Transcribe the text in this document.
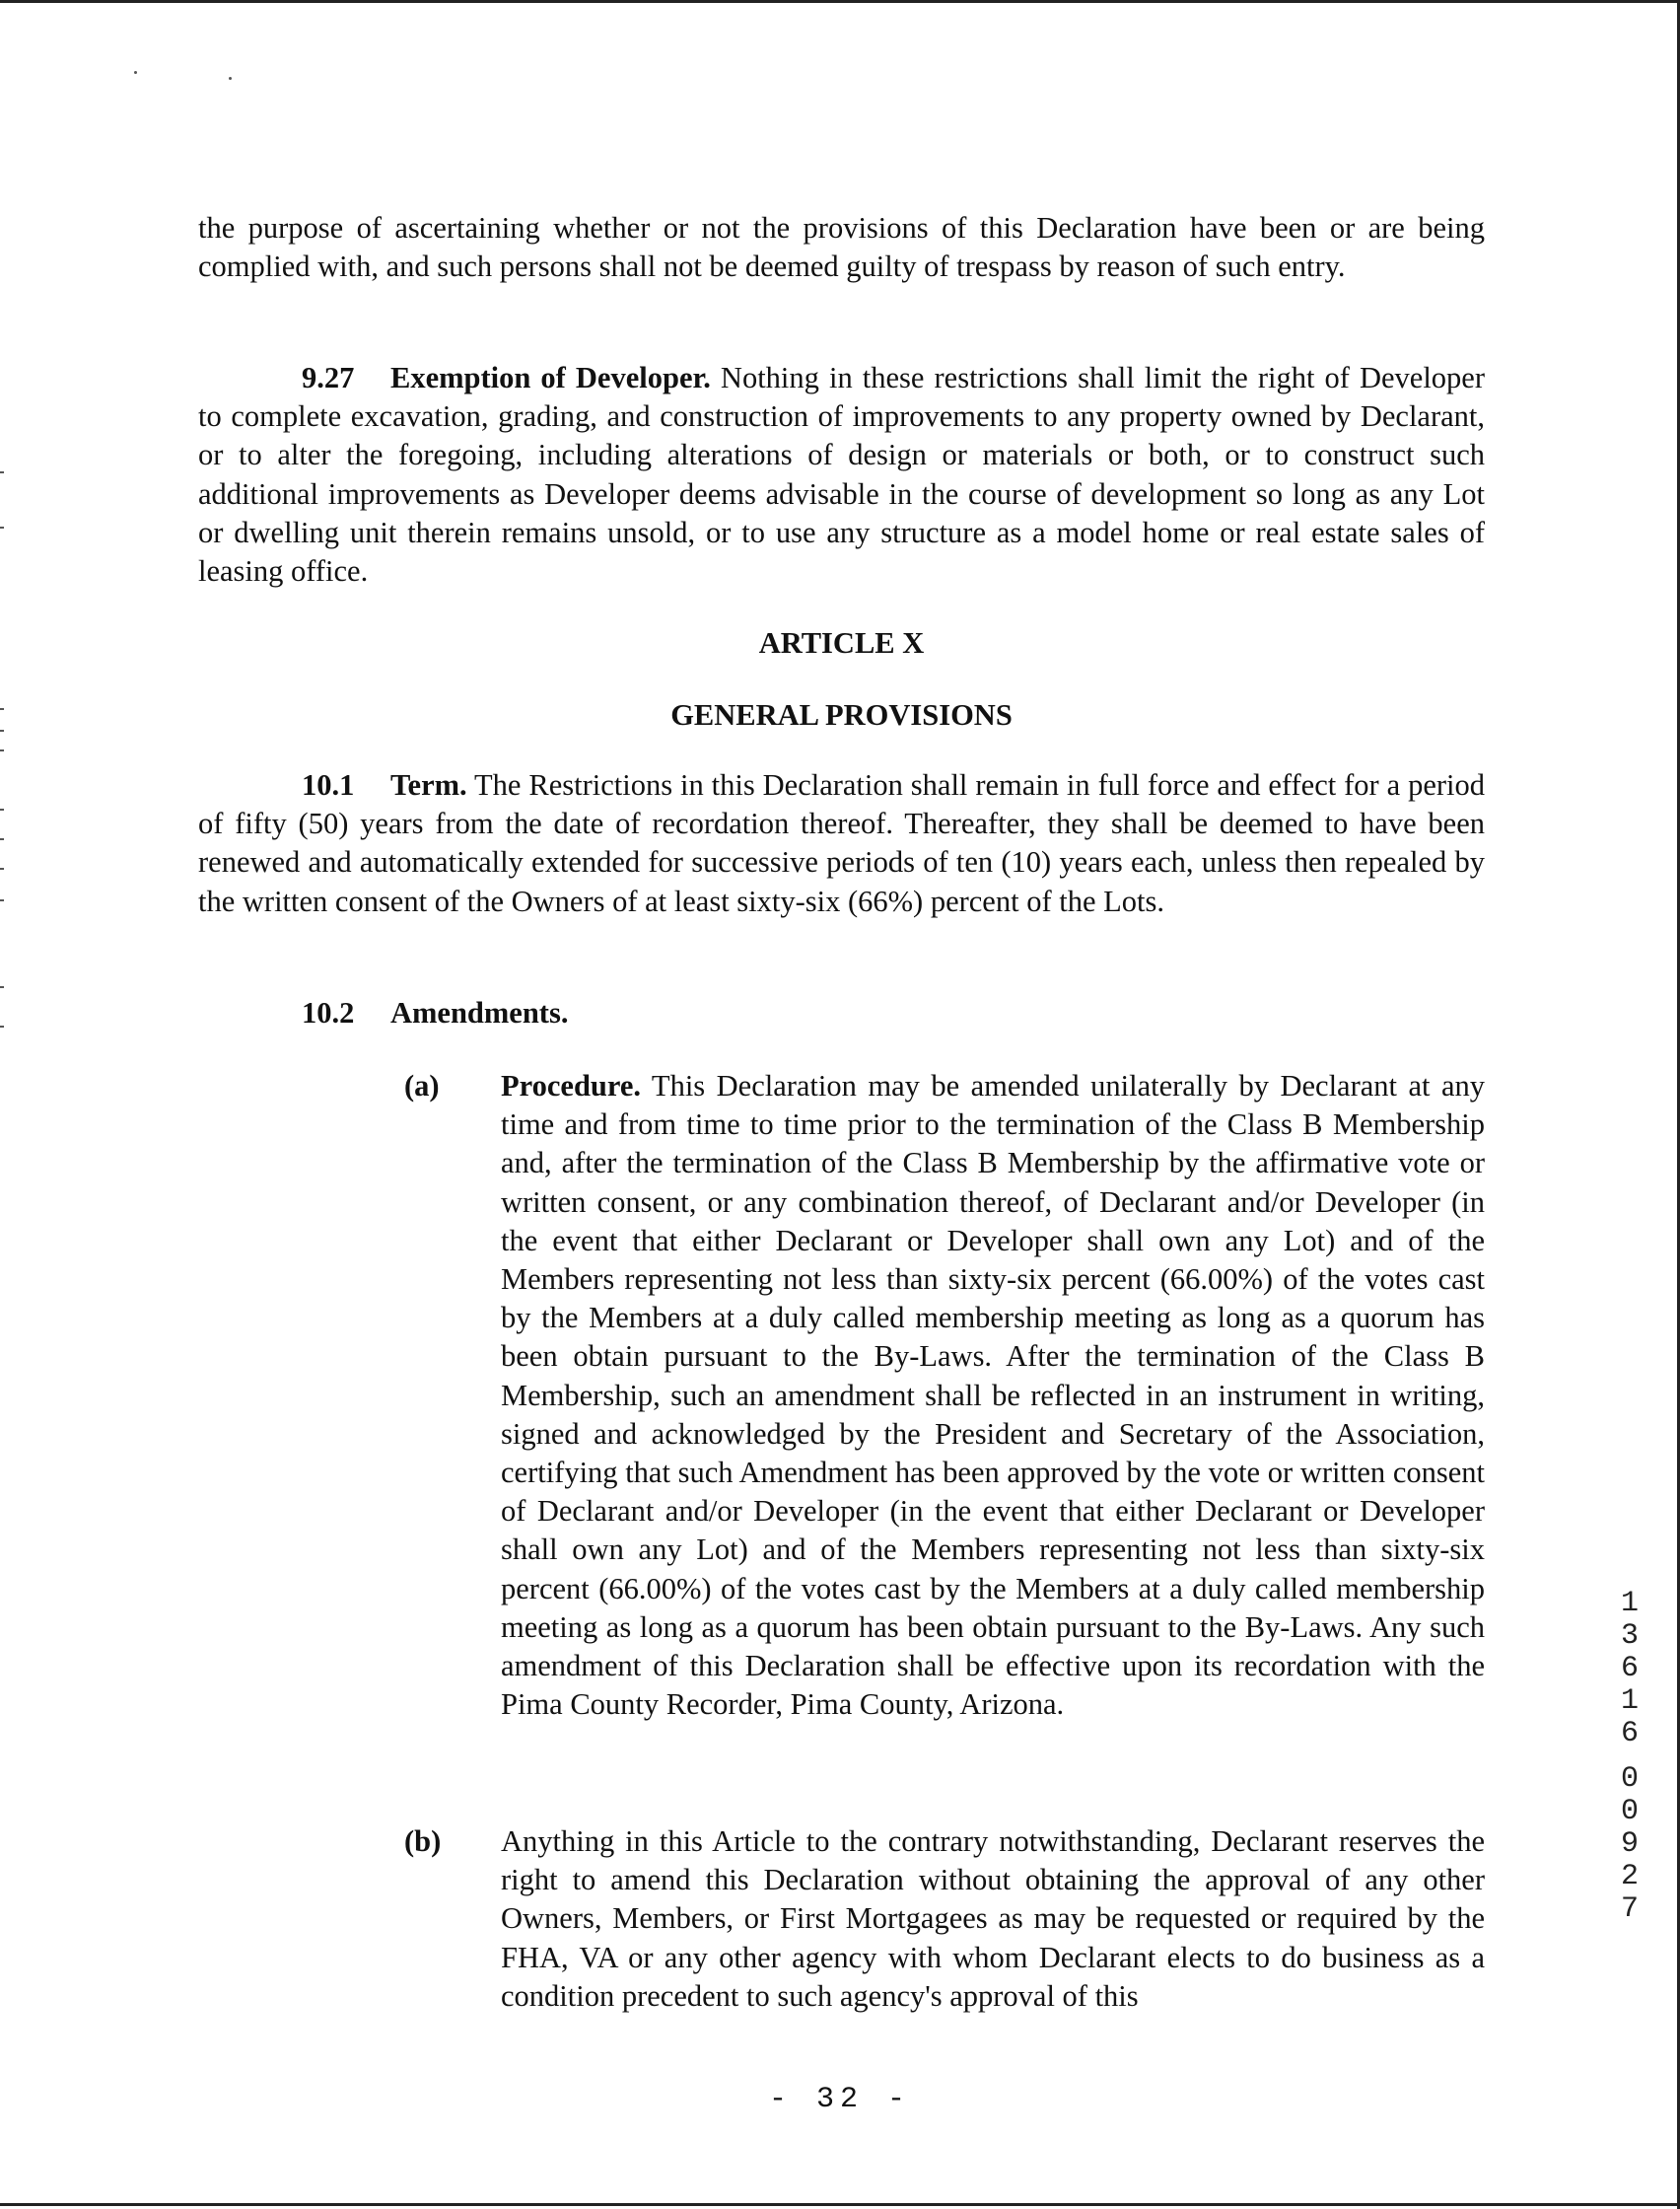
the purpose of ascertaining whether or not the provisions of this Declaration have been or are being complied with, and such persons shall not be deemed guilty of trespass by reason of such entry.

9.27 Exemption of Developer. Nothing in these restrictions shall limit the right of Developer to complete excavation, grading, and construction of improvements to any property owned by Declarant, or to alter the foregoing, including alterations of design or materials or both, or to construct such additional improvements as Developer deems advisable in the course of development so long as any Lot or dwelling unit therein remains unsold, or to use any structure as a model home or real estate sales of leasing office.

ARTICLE X
GENERAL PROVISIONS

10.1 Term. The Restrictions in this Declaration shall remain in full force and effect for a period of fifty (50) years from the date of recordation thereof. Thereafter, they shall be deemed to have been renewed and automatically extended for successive periods of ten (10) years each, unless then repealed by the written consent of the Owners of at least sixty-six (66%) percent of the Lots.

10.2 Amendments.

(a) Procedure. This Declaration may be amended unilaterally by Declarant at any time and from time to time prior to the termination of the Class B Membership and, after the termination of the Class B Membership by the affirmative vote or written consent, or any combination thereof, of Declarant and/or Developer (in the event that either Declarant or Developer shall own any Lot) and of the Members representing not less than sixty-six percent (66.00%) of the votes cast by the Members at a duly called membership meeting as long as a quorum has been obtain pursuant to the By-Laws. After the termination of the Class B Membership, such an amendment shall be reflected in an instrument in writing, signed and acknowledged by the President and Secretary of the Association, certifying that such Amendment has been approved by the vote or written consent of Declarant and/or Developer (in the event that either Declarant or Developer shall own any Lot) and of the Members representing not less than sixty-six percent (66.00%) of the votes cast by the Members at a duly called membership meeting as long as a quorum has been obtain pursuant to the By-Laws. Any such amendment of this Declaration shall be effective upon its recordation with the Pima County Recorder, Pima County, Arizona.

(b) Anything in this Article to the contrary notwithstanding, Declarant reserves the right to amend this Declaration without obtaining the approval of any other Owners, Members, or First Mortgagees as may be requested or required by the FHA, VA or any other agency with whom Declarant elects to do business as a condition precedent to such agency's approval of this

- 32 -
13616
00927
